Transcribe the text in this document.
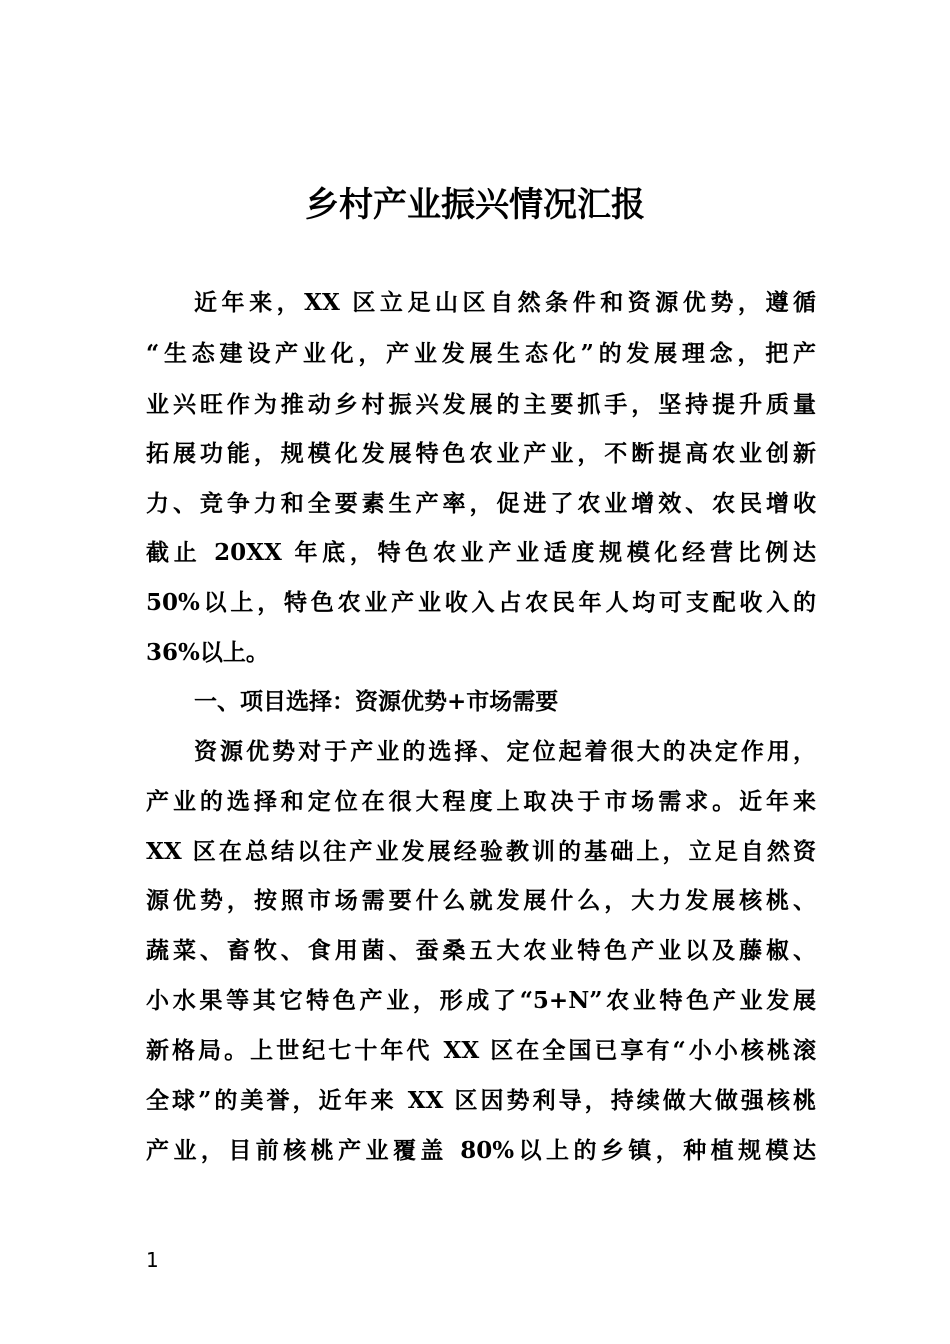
乡村产业振兴情况汇报
近年来，XX 区立足山区自然条件和资源优势，遵循
“生态建设产业化，产业发展生态化”的发展理念，把产
业兴旺作为推动乡村振兴发展的主要抓手，坚持提升质量
拓展功能，规模化发展特色农业产业，不断提高农业创新
力、竞争力和全要素生产率，促进了农业增效、农民增收
截止 20XX 年底，特色农业产业适度规模化经营比例达
50%以上，特色农业产业收入占农民年人均可支配收入的
36%以上。
一、项目选择：资源优势+市场需要
资源优势对于产业的选择、定位起着很大的决定作用，
产业的选择和定位在很大程度上取决于市场需求。近年来
XX 区在总结以往产业发展经验教训的基础上，立足自然资
源优势，按照市场需要什么就发展什么，大力发展核桃、
蔬菜、畜牧、食用菌、蚕桑五大农业特色产业以及藤椒、
小水果等其它特色产业，形成了“5+N”农业特色产业发展
新格局。上世纪七十年代 XX 区在全国已享有“小小核桃滚
全球”的美誉，近年来 XX 区因势利导，持续做大做强核桃
产业，目前核桃产业覆盖 80%以上的乡镇，种植规模达
1
